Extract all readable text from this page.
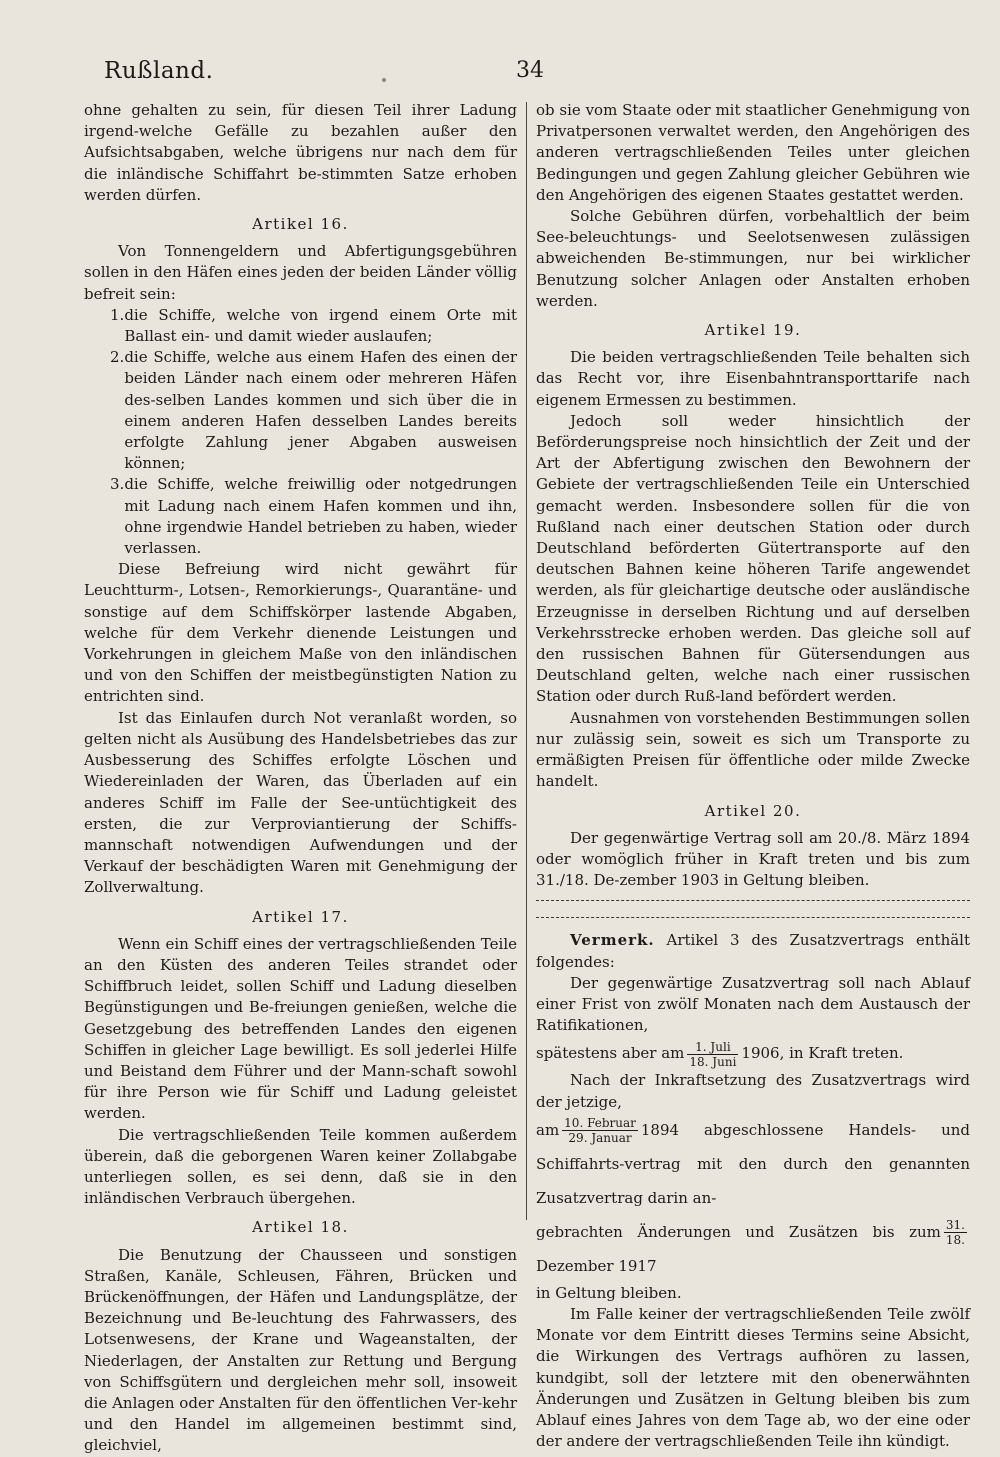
Rußland.	34

ohne gehalten zu sein, für diesen Teil ihrer Ladung irgend-welche Gefälle zu bezahlen außer den Aufsichtsabgaben, welche übrigens nur nach dem für die inländische Schiffahrt be-stimmten Satze erhoben werden dürfen.

Artikel 16.

Von Tonnengeldern und Abfertigungsgebühren sollen in den Häfen eines jeden der beiden Länder völlig befreit sein:

1. die Schiffe, welche von irgend einem Orte mit Ballast ein- und damit wieder auslaufen;
2. die Schiffe, welche aus einem Hafen des einen der beiden Länder nach einem oder mehreren Häfen des-selben Landes kommen und sich über die in einem anderen Hafen desselben Landes bereits erfolgte Zahlung jener Abgaben ausweisen können;
3. die Schiffe, welche freiwillig oder notgedrungen mit Ladung nach einem Hafen kommen und ihn, ohne irgendwie Handel betrieben zu haben, wieder verlassen.

Diese Befreiung wird nicht gewährt für Leuchtturm-, Lotsen-, Remorkierungs-, Quarantäne- und sonstige auf dem Schiffskörper lastende Abgaben, welche für dem Verkehr dienende Leistungen und Vorkehrungen in gleichem Maße von den inländischen und von den Schiffen der meistbegünstigten Nation zu entrichten sind.

Ist das Einlaufen durch Not veranlaßt worden, so gelten nicht als Ausübung des Handelsbetriebes das zur Ausbesserung des Schiffes erfolgte Löschen und Wiedereinladen der Waren, das Überladen auf ein anderes Schiff im Falle der See-untüchtigkeit des ersten, die zur Verproviantierung der Schiffs-mannschaft notwendigen Aufwendungen und der Verkauf der beschädigten Waren mit Genehmigung der Zollverwaltung.

Artikel 17.

Wenn ein Schiff eines der vertragschließenden Teile an den Küsten des anderen Teiles strandet oder Schiffbruch leidet, sollen Schiff und Ladung dieselben Begünstigungen und Be-freiungen genießen, welche die Gesetzgebung des betreffenden Landes den eigenen Schiffen in gleicher Lage bewilligt. Es soll jederlei Hilfe und Beistand dem Führer und der Mann-schaft sowohl für ihre Person wie für Schiff und Ladung geleistet werden.

Die vertragschließenden Teile kommen außerdem überein, daß die geborgenen Waren keiner Zollabgabe unterliegen sollen, es sei denn, daß sie in den inländischen Verbrauch übergehen.

Artikel 18.

Die Benutzung der Chausseen und sonstigen Straßen, Kanäle, Schleusen, Fähren, Brücken und Brückenöffnungen, der Häfen und Landungsplätze, der Bezeichnung und Be-leuchtung des Fahrwassers, des Lotsenwesens, der Krane und Wageanstalten, der Niederlagen, der Anstalten zur Rettung und Bergung von Schiffsgütern und dergleichen mehr soll, insoweit die Anlagen oder Anstalten für den öffentlichen Ver-kehr und den Handel im allgemeinen bestimmt sind, gleichviel,

ob sie vom Staate oder mit staatlicher Genehmigung von Privatpersonen verwaltet werden, den Angehörigen des anderen vertragschließenden Teiles unter gleichen Bedingungen und gegen Zahlung gleicher Gebühren wie den Angehörigen des eigenen Staates gestattet werden.

Solche Gebühren dürfen, vorbehaltlich der beim See-beleuchtungs- und Seelotsenwesen zulässigen abweichenden Be-stimmungen, nur bei wirklicher Benutzung solcher Anlagen oder Anstalten erhoben werden.

Artikel 19.

Die beiden vertragschließenden Teile behalten sich das Recht vor, ihre Eisenbahntransporttarife nach eigenem Ermessen zu bestimmen.

Jedoch soll weder hinsichtlich der Beförderungspreise noch hinsichtlich der Zeit und der Art der Abfertigung zwischen den Bewohnern der Gebiete der vertragschließenden Teile ein Unterschied gemacht werden. Insbesondere sollen für die von Rußland nach einer deutschen Station oder durch Deutschland beförderten Gütertransporte auf den deutschen Bahnen keine höheren Tarife angewendet werden, als für gleichartige deutsche oder ausländische Erzeugnisse in derselben Richtung und auf derselben Verkehrsstrecke erhoben werden. Das gleiche soll auf den russischen Bahnen für Gütersendungen aus Deutschland gelten, welche nach einer russischen Station oder durch Ruß-land befördert werden.

Ausnahmen von vorstehenden Bestimmungen sollen nur zulässig sein, soweit es sich um Transporte zu ermäßigten Preisen für öffentliche oder milde Zwecke handelt.

Artikel 20.

Der gegenwärtige Vertrag soll am 20./8. März 1894 oder womöglich früher in Kraft treten und bis zum 31./18. De-zember 1903 in Geltung bleiben.

Vermerk. Artikel 3 des Zusatzvertrags enthält folgendes:

Der gegenwärtige Zusatzvertrag soll nach Ablauf einer Frist von zwölf Monaten nach dem Austausch der Ratifikationen,

spätestens aber am $\frac{\text{1. Juli}}{\text{18. Juni}} 1906$, in Kraft treten.

Nach der Inkraftsetzung des Zusatzvertrags wird der jetzige,

am $\frac{\text{10. Februar}}{\text{29. Januar}} 1894$ abgeschlossene Handels- und Schiffahrts-vertrag mit den durch den genannten Zusatzvertrag darin an-

gebrachten Änderungen und Zusätzen bis zum $\frac{31.}{18.}$
Dezember 1917

in Geltung bleiben.

Im Falle keiner der vertragschließenden Teile zwölf Monate vor dem Eintritt dieses Termins seine Absicht, die Wirkungen des Vertrags aufhören zu lassen, kundgibt, soll der letztere mit den obenerwähnten Änderungen und Zusätzen in Geltung bleiben bis zum Ablauf eines Jahres von dem Tage ab, wo der eine oder der andere der vertragschließenden Teile ihn kündigt.
